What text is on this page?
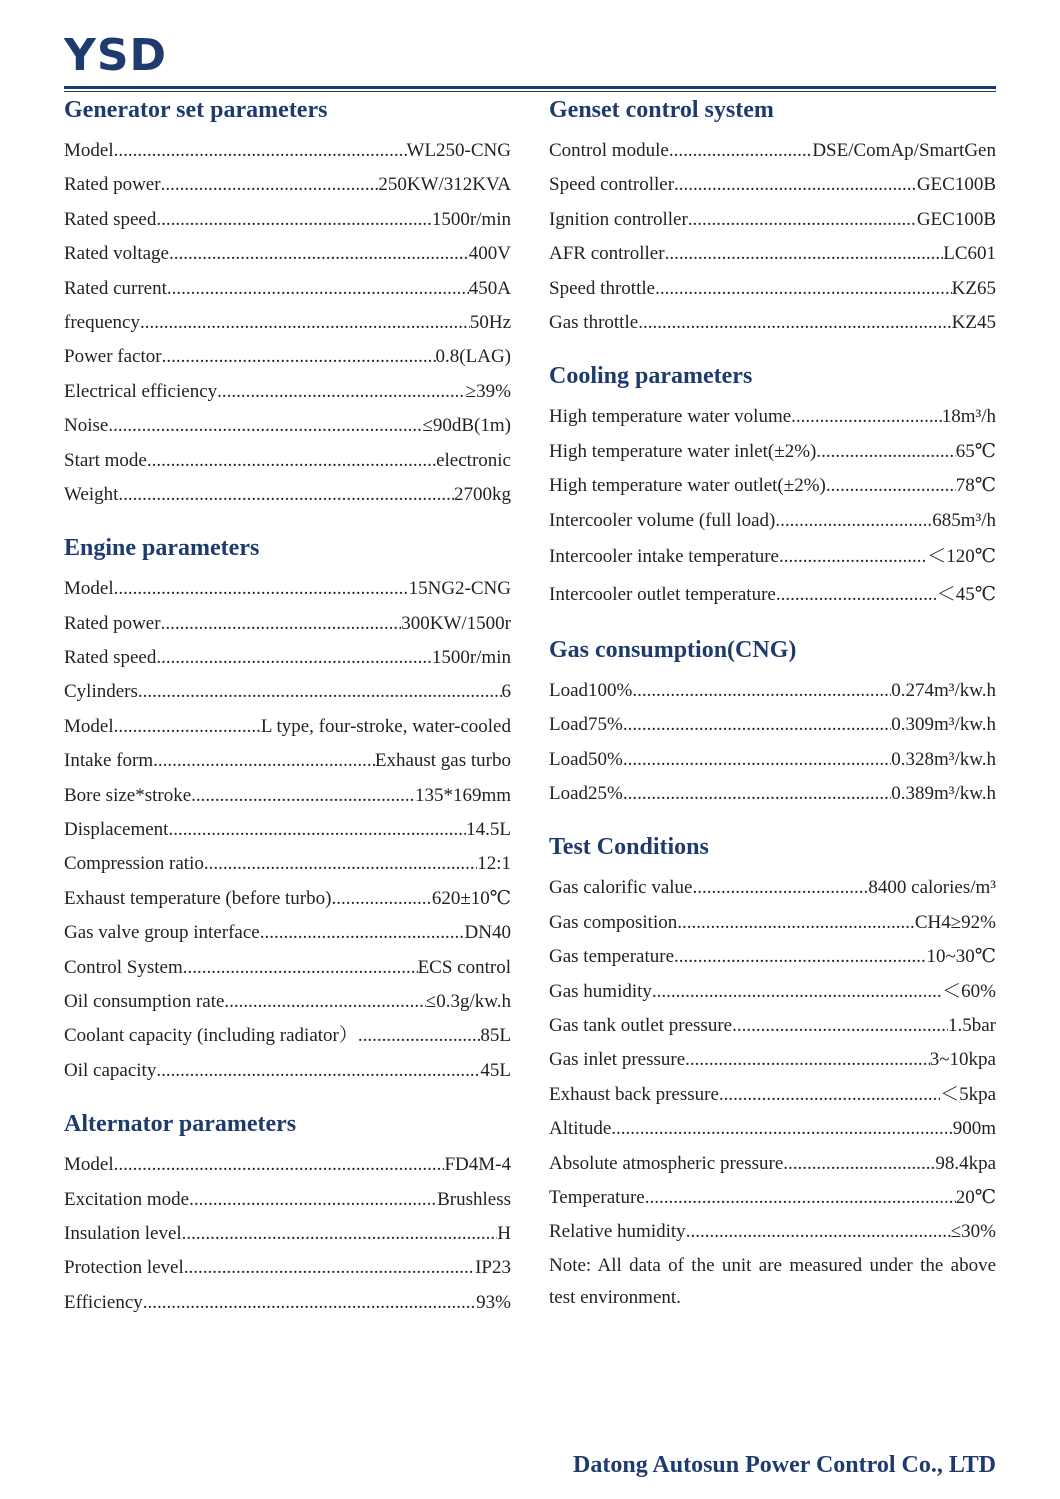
YSD
Generator set parameters
Model .....	WL250-CNG
Rated power .....	250KW/312KVA
Rated speed .....	1500r/min
Rated voltage .....	400V
Rated current .....	450A
frequency .....	50Hz
Power factor .....	0.8(LAG)
Electrical efficiency .....	≥39%
Noise .....	≤90dB(1m)
Start mode .....	electronic
Weight .....	2700kg
Engine parameters
Model .....	15NG2-CNG
Rated power .....	300KW/1500r
Rated speed .....	1500r/min
Cylinders .....	6
Model .....	L type, four-stroke, water-cooled
Intake form .....	Exhaust gas turbo
Bore size*stroke .....	135*169mm
Displacement .....	14.5L
Compression ratio .....	12:1
Exhaust temperature (before turbo) .....	620±10℃
Gas valve group interface .....	DN40
Control System .....	ECS control
Oil consumption rate .....	≤0.3g/kw.h
Coolant capacity (including radiator） .....	85L
Oil capacity .....	45L
Alternator parameters
Model .....	FD4M-4
Excitation mode .....	Brushless
Insulation level .....	H
Protection level .....	IP23
Efficiency .....	93%
Genset control system
Control module .....	DSE/ComAp/SmartGen
Speed controller .....	GEC100B
Ignition controller .....	GEC100B
AFR controller .....	LC601
Speed throttle .....	KZ65
Gas throttle .....	KZ45
Cooling parameters
High temperature water volume .....	18m³/h
High temperature water inlet(±2%) .....	65℃
High temperature water outlet(±2%) .....	78℃
Intercooler volume (full load) .....	685m³/h
Intercooler intake temperature .....	＜120℃
Intercooler outlet temperature .....	＜45℃
Gas consumption(CNG)
Load100% .....	0.274m³/kw.h
Load75% .....	0.309m³/kw.h
Load50% .....	0.328m³/kw.h
Load25% .....	0.389m³/kw.h
Test Conditions
Gas calorific value .....	8400 calories/m³
Gas composition .....	CH4≥92%
Gas temperature .....	10~30℃
Gas humidity .....	＜60%
Gas tank outlet pressure .....	1.5bar
Gas inlet pressure .....	3~10kpa
Exhaust back pressure .....	＜5kpa
Altitude .....	900m
Absolute atmospheric pressure .....	98.4kpa
Temperature .....	20℃
Relative humidity .....	≤30%
Note: All data of the unit are measured under the above test environment.
Datong Autosun Power Control Co., LTD
